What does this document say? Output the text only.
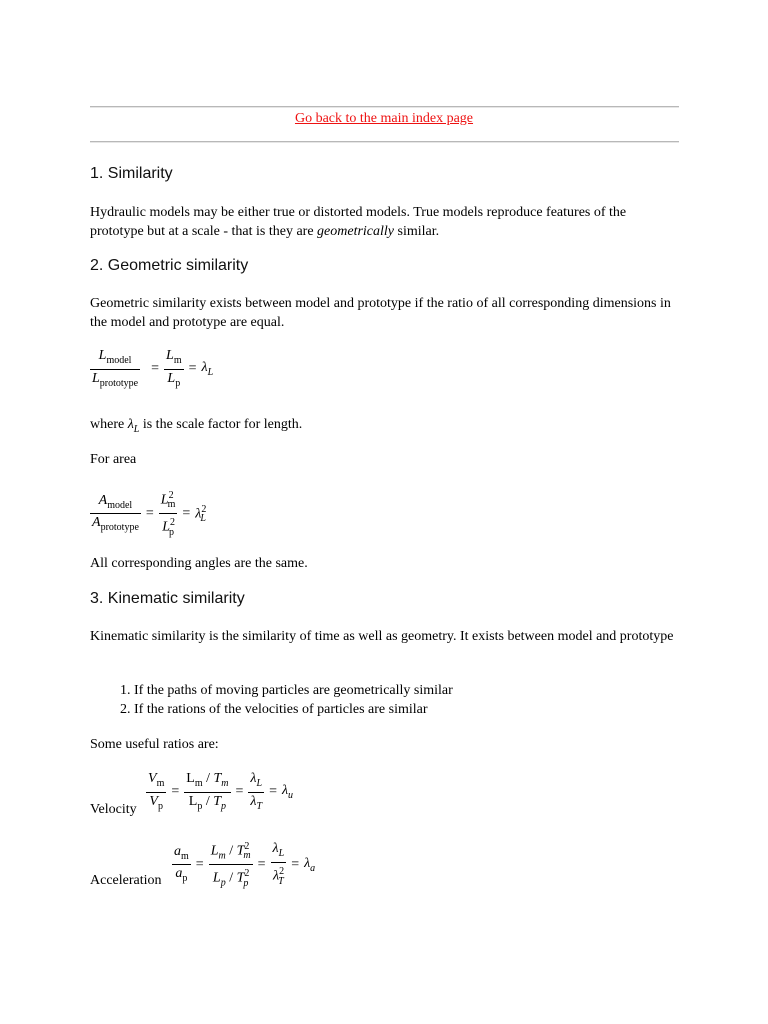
Go back to the main index page
1. Similarity
Hydraulic models may be either true or distorted models. True models reproduce features of the prototype but at a scale - that is they are geometrically similar.
2. Geometric similarity
Geometric similarity exists between model and prototype if the ratio of all corresponding dimensions in the model and prototype are equal.
$\frac{L_{model}}{L_{prototype}} = \frac{L_m}{L_p} = \lambda_L$
where $\lambda_L$ is the scale factor for length.
For area
$\frac{A_{model}}{A_{prototype}} = \frac{L^2_m}{L^2_p} = \lambda^2_L$
All corresponding angles are the same.
3. Kinematic similarity
Kinematic similarity is the similarity of time as well as geometry. It exists between model and prototype
1. If the paths of moving particles are geometrically similar
2. If the rations of the velocities of particles are similar
Some useful ratios are:
Velocity $\frac{V_m}{V_p} = \frac{L_m / T_m}{L_p / T_p} = \frac{\lambda_L}{\lambda_T} = \lambda_u$
Acceleration $\frac{a_m}{a_p} = \frac{L_m / T^2_m}{L_p / T^2_p} = \frac{\lambda_L}{\lambda^2_T} = \lambda_a$
